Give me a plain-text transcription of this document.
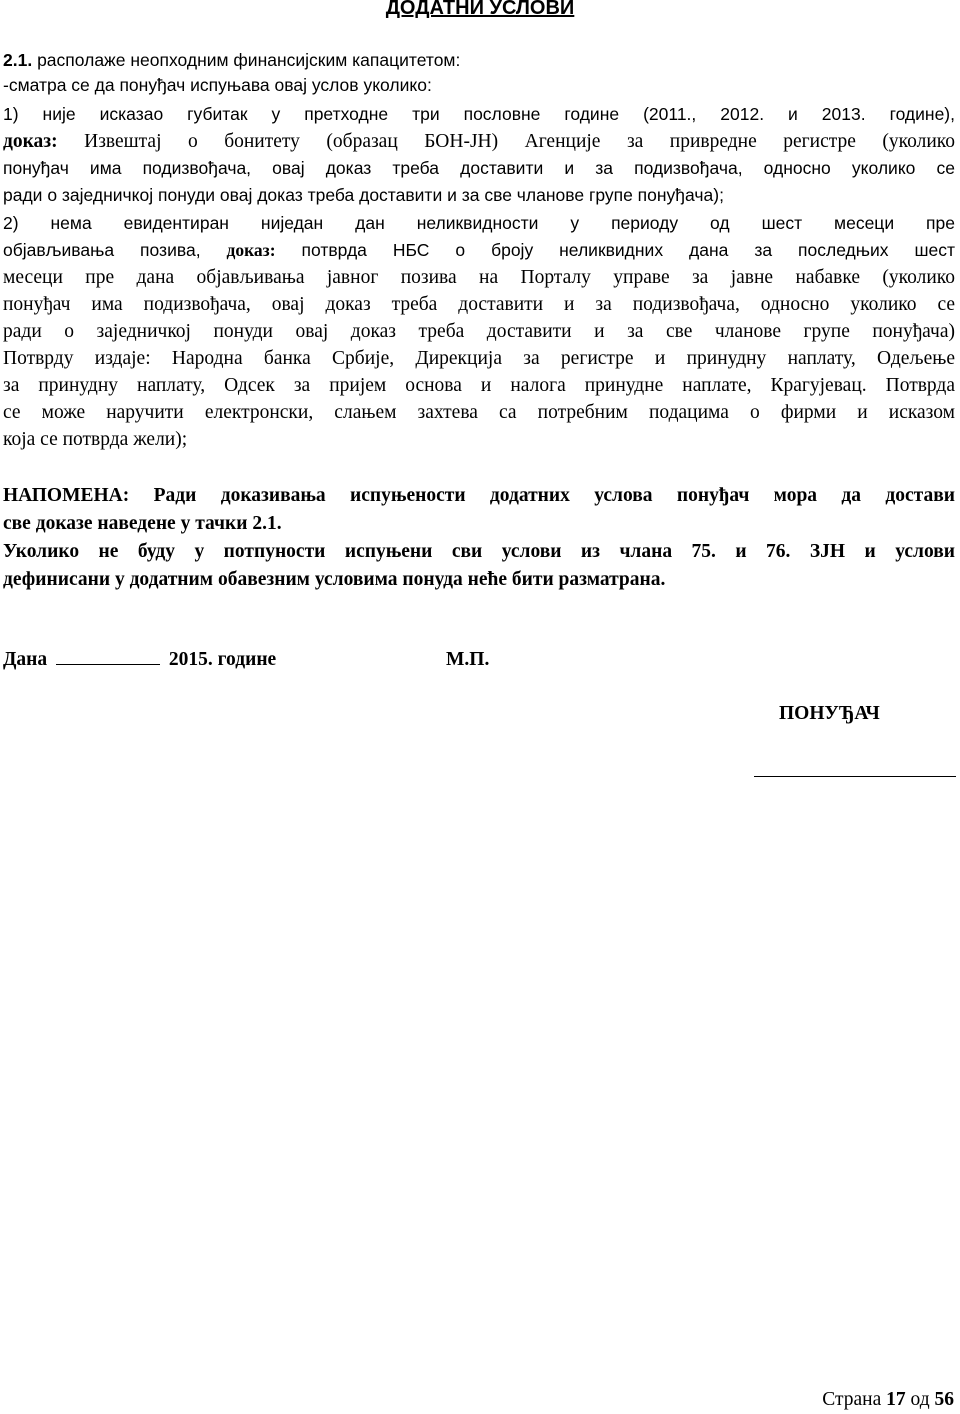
ДОДАТНИ УСЛОВИ
2.1. располаже неопходним финансијским капацитетом:
-сматра се да понуђач испуњава овај услов уколико:
1) није исказао губитак у претходне три пословне године (2011., 2012. и 2013. године),
доказ: Извештај о бонитету (образац БОН-ЈН) Агенције за привредне регистре (уколико
понуђач има подизвођача, овај доказ треба доставити и за подизвођача, односно уколико се
ради о заједничкој понуди овај доказ треба доставити и за све чланове групе понуђача);
2) нема евидентиран ниједан дан неликвидности у периоду од шест месеци пре
објављивања позива, доказ: потврда НБС о броју неликвидних дана за последњих шест
месеци пре дана објављивања јавног позива на Порталу управе за јавне набавке (уколико
понуђач има подизвођача, овај доказ треба доставити и за подизвођача, односно уколико се
ради о заједничкој понуди овај доказ треба доставити и за све чланове групе понуђача)
Потврду издаје: Народна банка Србије, Дирекција за регистре и принудну наплату, Одељење
за принудну наплату, Одсек за пријем основа и налога принудне наплате, Крагујевац. Потврда
се може наручити електронски, слањем захтева са потребним подацима о фирми и исказом
која се потврда жели);
НАПОМЕНА: Ради доказивања испуњености додатних услова понуђач мора да достави
све доказе наведене у тачки 2.1.
Уколико не буду у потпуности испуњени сви услови из члана 75. и 76. ЗЈН и услови
дефинисани у додатним обавезним условима понуда неће бити разматрана.
Дана	2015. године	М.П.
ПОНУЂАЧ
Страна 17 од 56
